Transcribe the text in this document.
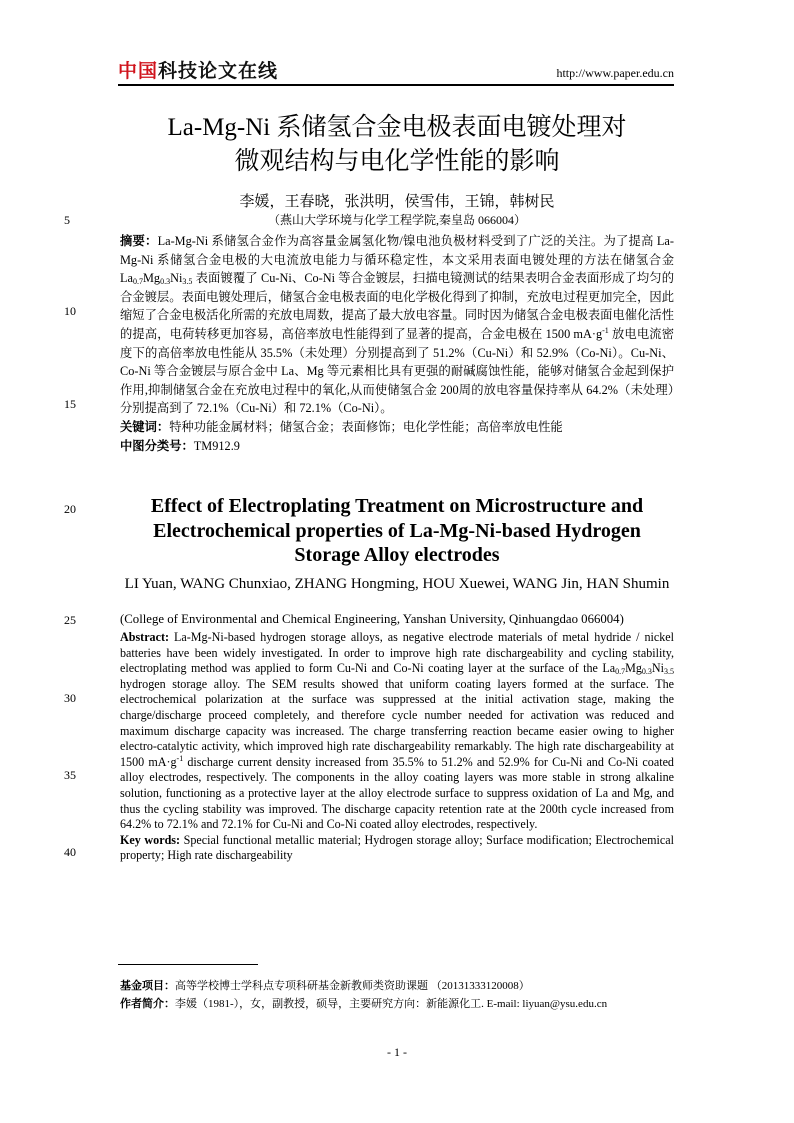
中国科技论文在线	http://www.paper.edu.cn
5
10
15
20
25
30
35
40
La-Mg-Ni 系储氢合金电极表面电镀处理对
微观结构与电化学性能的影响
李媛，王春晓，张洪明，侯雪伟，王锦，韩树民
（燕山大学环境与化学工程学院,秦皇岛 066004）

摘要：La-Mg-Ni 系储氢合金作为高容量金属氢化物/镍电池负极材料受到了广泛的关注。为了提高 La-Mg-Ni 系储氢合金电极的大电流放电能力与循环稳定性，本文采用表面电镀处理的方法在储氢合金 $La_{0.7}Mg_{0.3}Ni_{3.5}$ 表面镀覆了 Cu-Ni、Co-Ni 等合金镀层，扫描电镜测试的结果表明合金表面形成了均匀的合金镀层。表面电镀处理后，储氢合金电极表面的电化学极化得到了抑制，充放电过程更加完全，因此缩短了合金电极活化所需的充放电周数，提高了最大放电容量。同时因为储氢合金电极表面电催化活性的提高，电荷转移更加容易，高倍率放电性能得到了显著的提高，合金电极在 1500 $mA\cdot g^{-1}$ 放电电流密度下的高倍率放电性能从 35.5%（未处理）分别提高到了 51.2%（Cu-Ni）和 52.9%（Co-Ni）。Cu-Ni、Co-Ni 等合金镀层与原合金中 La、Mg 等元素相比具有更强的耐碱腐蚀性能，能够对储氢合金起到保护作用,抑制储氢合金在充放电过程中的氧化,从而使储氢合金 200周的放电容量保持率从 64.2%（未处理）分别提高到了 72.1%（Cu-Ni）和 72.1%（Co-Ni）。

关键词：特种功能金属材料；储氢合金；表面修饰；电化学性能；高倍率放电性能

中图分类号：TM912.9

Effect of Electroplating Treatment on Microstructure and
Electrochemical properties of La-Mg-Ni-based Hydrogen
Storage Alloy electrodes
LI Yuan, WANG Chunxiao, ZHANG Hongming, HOU Xuewei, WANG Jin, HAN Shumin
(College of Environmental and Chemical Engineering, Yanshan University, Qinhuangdao 066004)

Abstract: La-Mg-Ni-based hydrogen storage alloys, as negative electrode materials of metal hydride / nickel batteries have been widely investigated. In order to improve high rate dischargeability and cycling stability, electroplating method was applied to form Cu-Ni and Co-Ni coating layer at the surface of the $La_{0.7}Mg_{0.3}Ni_{3.5}$ hydrogen storage alloy. The SEM results showed that uniform coating layers formed at the surface. The electrochemical polarization at the surface was suppressed at the initial activation stage, making the charge/discharge proceed completely, and therefore cycle number needed for activation was reduced and maximum discharge capacity was increased. The charge transferring reaction became easier owing to higher electro-catalytic activity, which improved high rate dischargeability remarkably. The high rate dischargeability at 1500 $mA\cdot g^{-1}$ discharge current density increased from 35.5% to 51.2% and 52.9% for Cu-Ni and Co-Ni coated alloy electrodes, respectively. The components in the alloy coating layers was more stable in strong alkaline solution, functioning as a protective layer at the alloy electrode surface to suppress oxidation of La and Mg, and thus the cycling stability was improved. The discharge capacity retention rate at the 200th cycle increased from 64.2% to 72.1% and 72.1% for Cu-Ni and Co-Ni coated alloy electrodes, respectively.

Key words: Special functional metallic material; Hydrogen storage alloy; Surface modification; Electrochemical property; High rate dischargeability

基金项目：高等学校博士学科点专项科研基金新教师类资助课题 （20131333120008）
作者简介：李媛（1981-），女，副教授，硕导，主要研究方向：新能源化工. E-mail: liyuan@ysu.edu.cn
- 1 -
